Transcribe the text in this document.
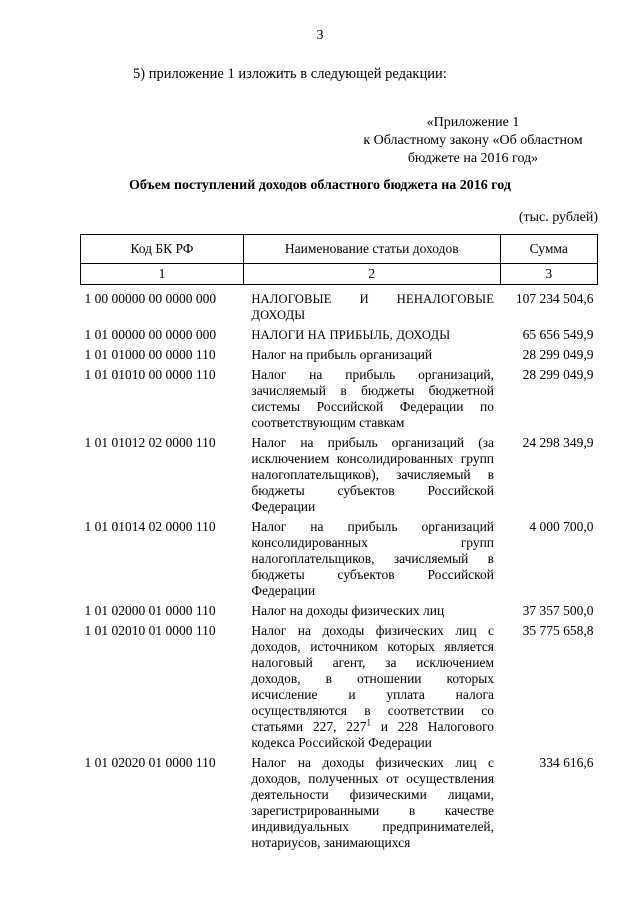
3
5) приложение 1 изложить в следующей редакции:
«Приложение 1
к Областному закону «Об областном
бюджете на 2016 год»
Объем поступлений доходов областного бюджета на 2016 год
(тыс. рублей)
Код БК РФ	Наименование статьи доходов	Сумма
1	2	3
1 00 00000 00 0000 000	НАЛОГОВЫЕ И НЕНАЛОГОВЫЕ ДОХОДЫ	107 234 504,6
1 01 00000 00 0000 000	НАЛОГИ НА ПРИБЫЛЬ, ДОХОДЫ	65 656 549,9
1 01 01000 00 0000 110	Налог на прибыль организаций	28 299 049,9
1 01 01010 00 0000 110	Налог на прибыль организаций, зачисляемый в бюджеты бюджетной системы Российской Федерации по соответствующим ставкам	28 299 049,9
1 01 01012 02 0000 110	Налог на прибыль организаций (за исключением консолидированных групп налогоплательщиков), зачисляемый в бюджеты субъектов Российской Федерации	24 298 349,9
1 01 01014 02 0000 110	Налог на прибыль организаций консолидированных групп налогоплательщиков, зачисляемый в бюджеты субъектов Российской Федерации	4 000 700,0
1 01 02000 01 0000 110	Налог на доходы физических лиц	37 357 500,0
1 01 02010 01 0000 110	Налог на доходы физических лиц с доходов, источником которых является налоговый агент, за исключением доходов, в отношении которых исчисление и уплата налога осуществляются в соответствии со статьями 227, $227^1$ и 228 Налогового кодекса Российской Федерации	35 775 658,8
1 01 02020 01 0000 110	Налог на доходы физических лиц с доходов, полученных от осуществления деятельности физическими лицами, зарегистрированными в качестве индивидуальных предпринимателей, нотариусов, занимающихся	334 616,6
